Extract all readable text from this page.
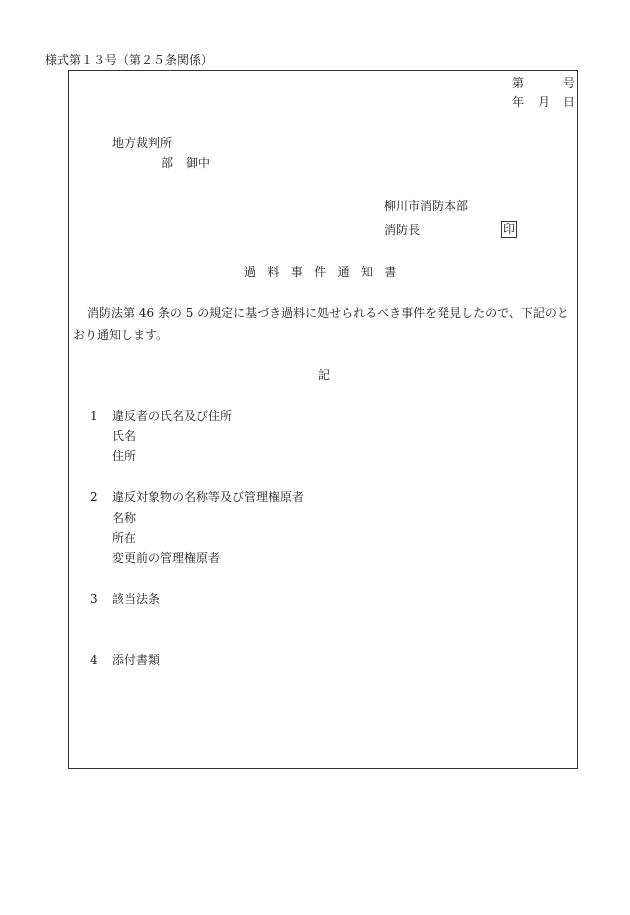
様式第１３号（第２５条関係）
第	号
年 月 日
地方裁判所
部 御中
柳川市消防本部
消防長	印
過料事件通知書
消防法第 46 条の 5 の規定に基づき過料に処せられるべき事件を発見したので、下記のと
おり通知します。
記
1 違反者の氏名及び住所
氏名
住所
2 違反対象物の名称等及び管理権原者
名称
所在
変更前の管理権原者
3 該当法条
4 添付書類
